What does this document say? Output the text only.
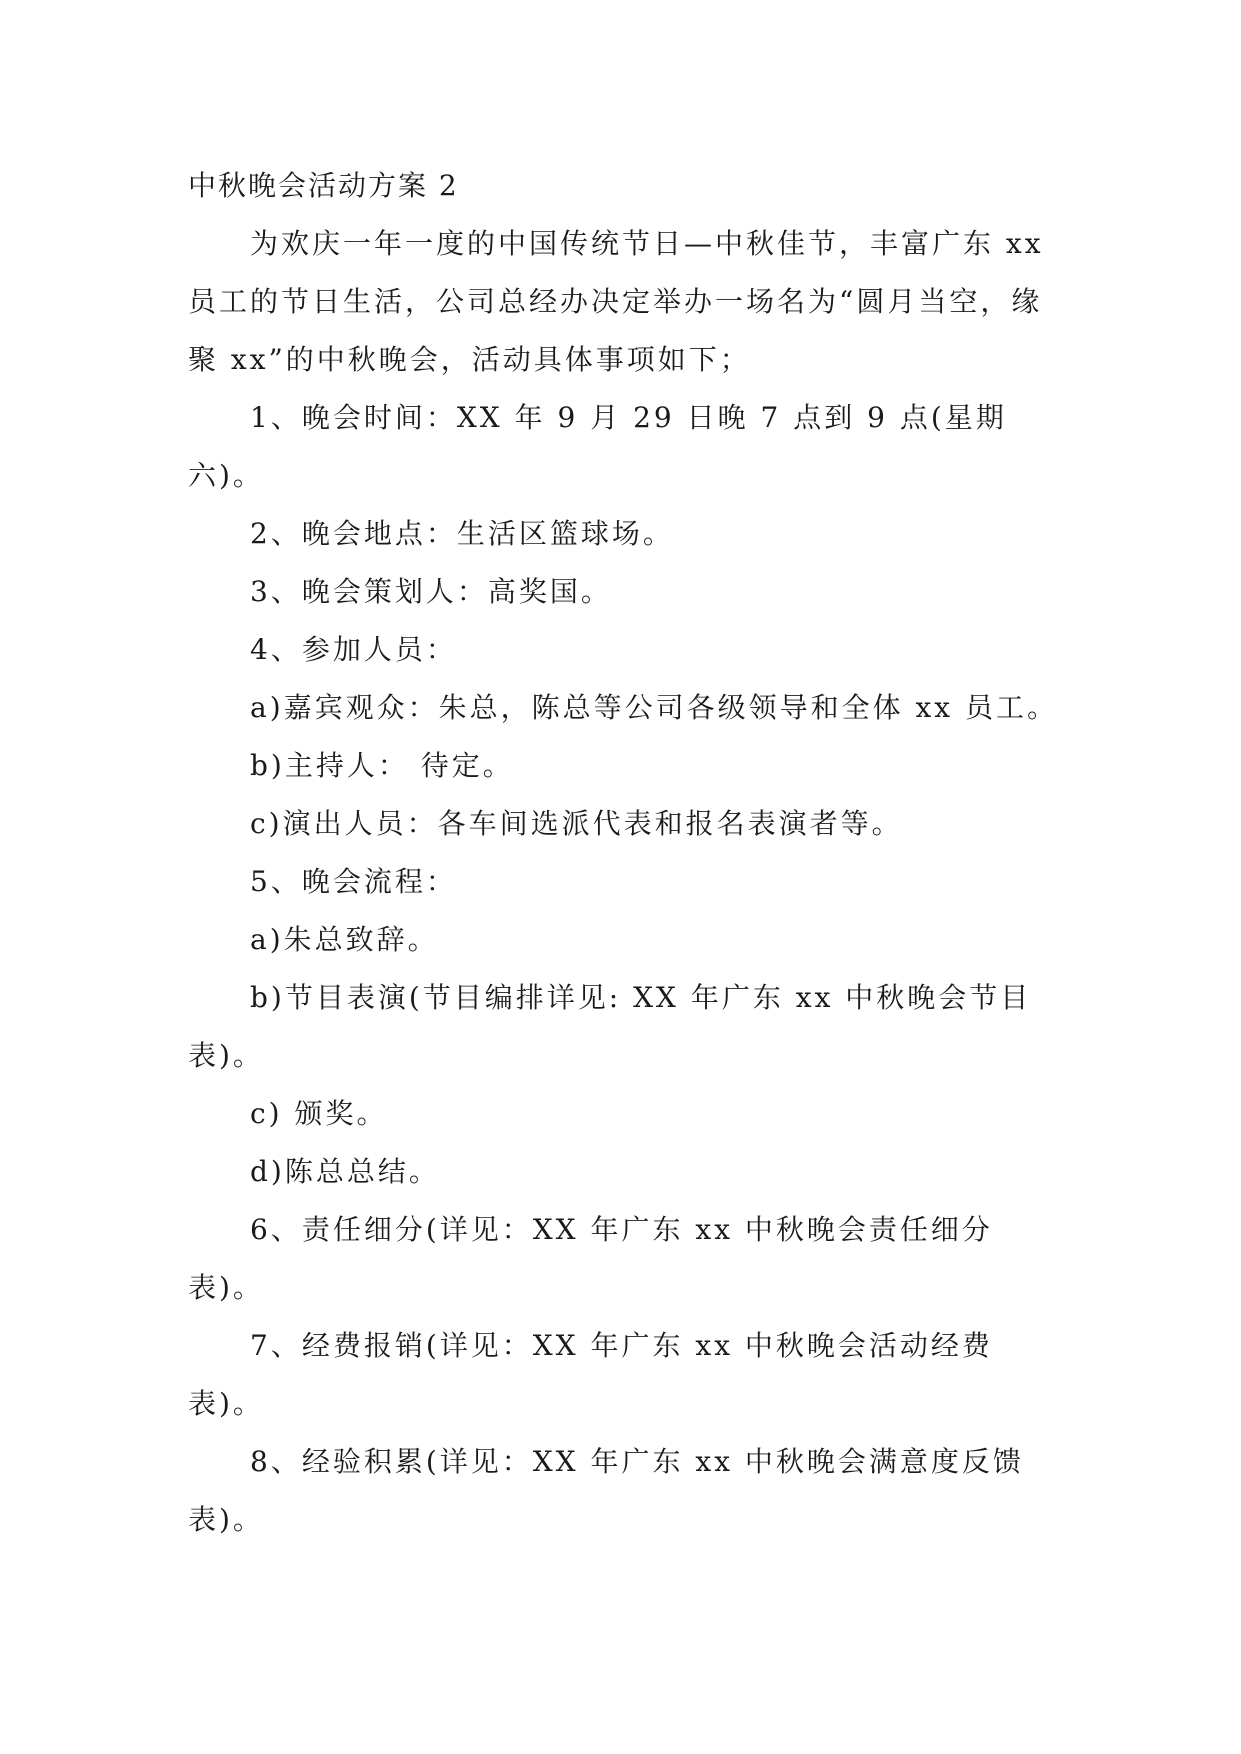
中秋晚会活动方案 2

为欢庆一年一度的中国传统节日—中秋佳节，丰富广东 xx 员工的节日生活，公司总经办决定举办一场名为“圆月当空，缘聚 xx”的中秋晚会，活动具体事项如下；

1、晚会时间：XX 年 9 月 29 日晚 7 点到 9 点(星期六)。

2、晚会地点：生活区篮球场。

3、晚会策划人：高奖国。

4、参加人员：

a)嘉宾观众：朱总，陈总等公司各级领导和全体 xx 员工。

b)主持人： 待定。

c)演出人员：各车间选派代表和报名表演者等。

5、晚会流程：

a)朱总致辞。

b)节目表演(节目编排详见: XX 年广东 xx 中秋晚会节目表)。

c) 颁奖。

d)陈总总结。

6、责任细分(详见：XX 年广东 xx 中秋晚会责任细分表)。

7、经费报销(详见：XX 年广东 xx 中秋晚会活动经费表)。

8、经验积累(详见：XX 年广东 xx 中秋晚会满意度反馈表)。
